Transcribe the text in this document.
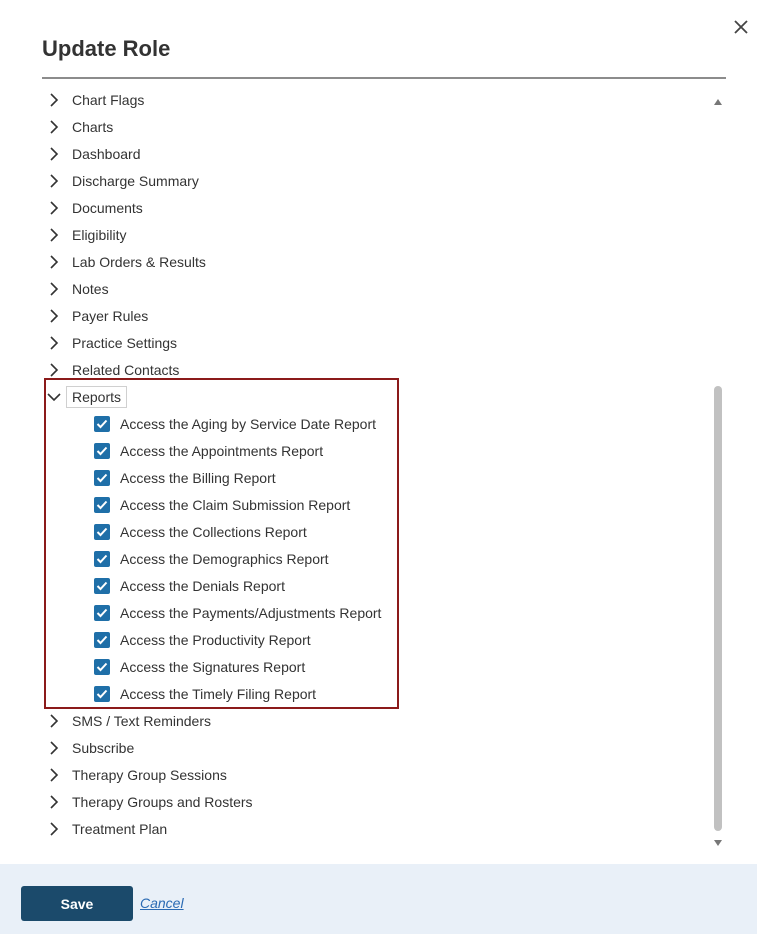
Update Role
Chart Flags
Charts
Dashboard
Discharge Summary
Documents
Eligibility
Lab Orders & Results
Notes
Payer Rules
Practice Settings
Related Contacts
Reports
Access the Aging by Service Date Report
Access the Appointments Report
Access the Billing Report
Access the Claim Submission Report
Access the Collections Report
Access the Demographics Report
Access the Denials Report
Access the Payments/Adjustments Report
Access the Productivity Report
Access the Signatures Report
Access the Timely Filing Report
SMS / Text Reminders
Subscribe
Therapy Group Sessions
Therapy Groups and Rosters
Treatment Plan
Save	Cancel
